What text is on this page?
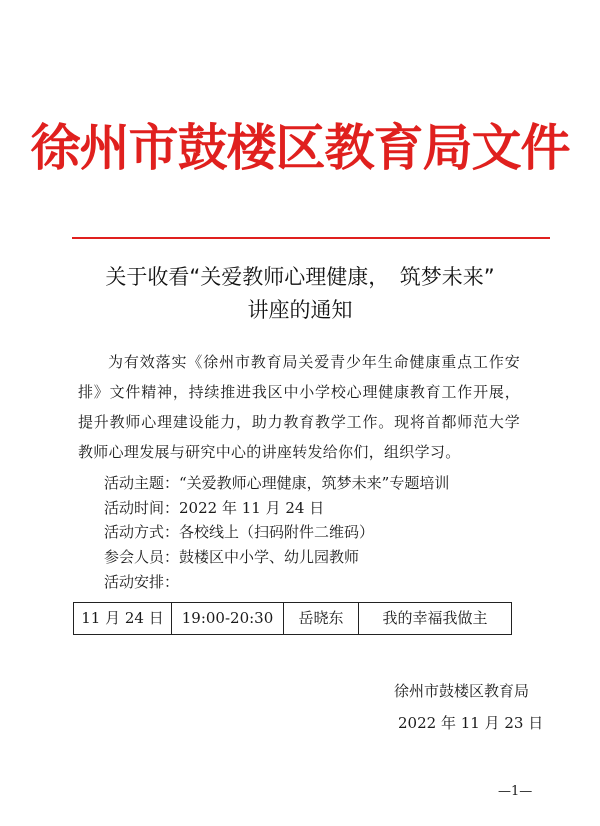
徐州市鼓楼区教育局文件
关于收看“关爱教师心理健康，　筑梦未来”
讲座的通知
为有效落实《徐州市教育局关爱青少年生命健康重点工作安排》文件精神，持续推进我区中小学校心理健康教育工作开展，提升教师心理建设能力，助力教育教学工作。现将首都师范大学教师心理发展与研究中心的讲座转发给你们，组织学习。
活动主题：“关爱教师心理健康，筑梦未来”专题培训
活动时间：2022 年 11 月 24 日
活动方式：各校线上（扫码附件二维码）
参会人员：鼓楼区中小学、幼儿园教师
活动安排：
11 月 24 日	19:00-20:30	岳晓东	我的幸福我做主
徐州市鼓楼区教育局
2022 年 11 月 23 日
—1—
